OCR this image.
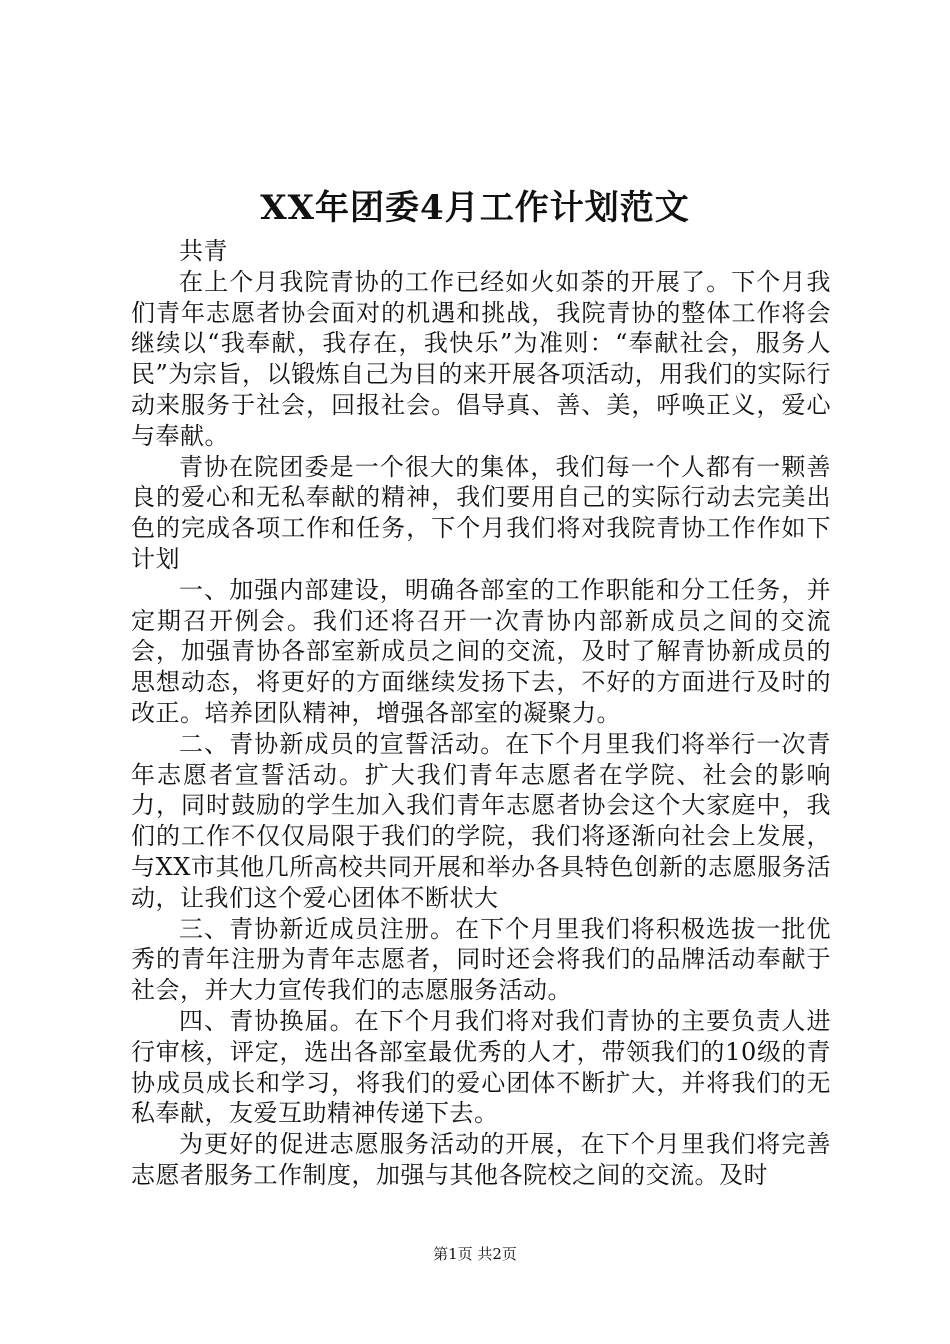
XX年团委4月工作计划范文

共青

在上个月我院青协的工作已经如火如荼的开展了。下个月我们青年志愿者协会面对的机遇和挑战，我院青协的整体工作将会继续以“我奉献，我存在，我快乐”为准则：“奉献社会，服务人民”为宗旨，以锻炼自己为目的来开展各项活动，用我们的实际行动来服务于社会，回报社会。倡导真、善、美，呼唤正义，爱心与奉献。

青协在院团委是一个很大的集体，我们每一个人都有一颗善良的爱心和无私奉献的精神，我们要用自己的实际行动去完美出色的完成各项工作和任务，下个月我们将对我院青协工作作如下计划

一、加强内部建设，明确各部室的工作职能和分工任务，并定期召开例会。我们还将召开一次青协内部新成员之间的交流会，加强青协各部室新成员之间的交流，及时了解青协新成员的思想动态，将更好的方面继续发扬下去，不好的方面进行及时的改正。培养团队精神，增强各部室的凝聚力。

二、青协新成员的宣誓活动。在下个月里我们将举行一次青年志愿者宣誓活动。扩大我们青年志愿者在学院、社会的影响力，同时鼓励的学生加入我们青年志愿者协会这个大家庭中，我们的工作不仅仅局限于我们的学院，我们将逐渐向社会上发展，与XX市其他几所高校共同开展和举办各具特色创新的志愿服务活动，让我们这个爱心团体不断状大

三、青协新近成员注册。在下个月里我们将积极选拔一批优秀的青年注册为青年志愿者，同时还会将我们的品牌活动奉献于社会，并大力宣传我们的志愿服务活动。

四、青协换届。在下个月我们将对我们青协的主要负责人进行审核，评定，选出各部室最优秀的人才，带领我们的10级的青协成员成长和学习，将我们的爱心团体不断扩大，并将我们的无私奉献，友爱互助精神传递下去。

为更好的促进志愿服务活动的开展，在下个月里我们将完善志愿者服务工作制度，加强与其他各院校之间的交流。及时

第1页 共2页
